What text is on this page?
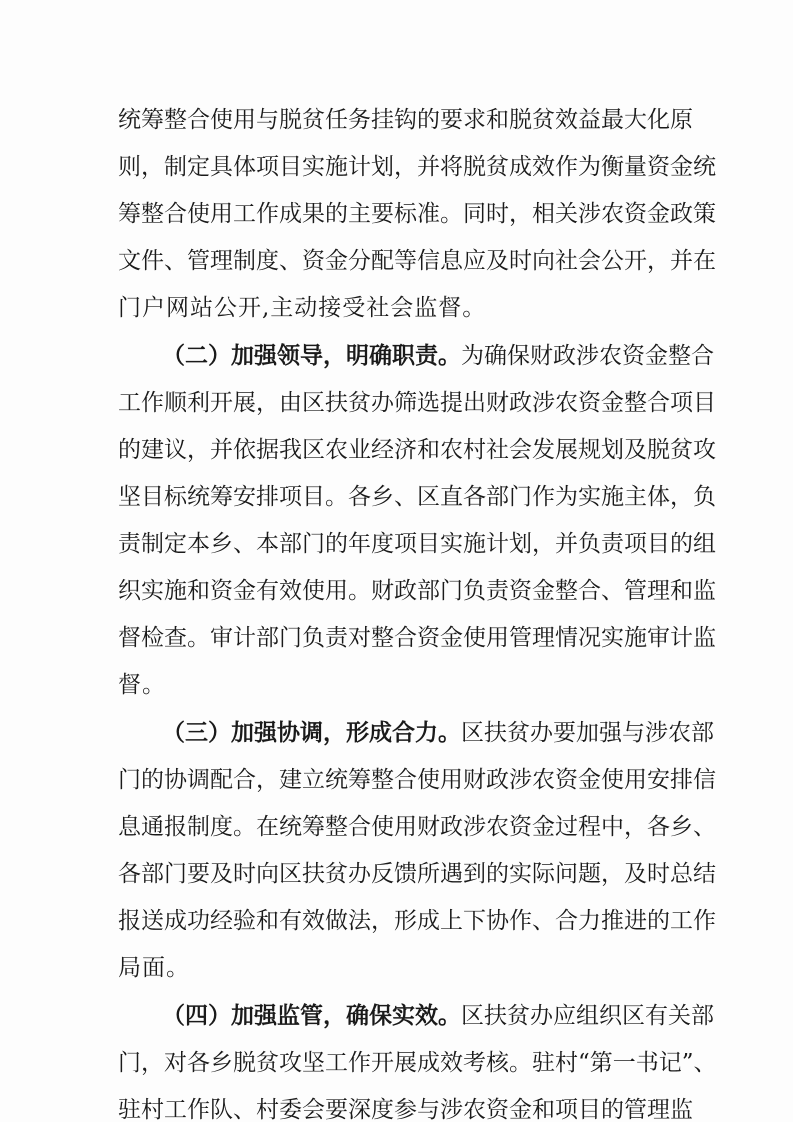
统筹整合使用与脱贫任务挂钩的要求和脱贫效益最大化原
则，制定具体项目实施计划，并将脱贫成效作为衡量资金统
筹整合使用工作成果的主要标准。同时，相关涉农资金政策
文件、管理制度、资金分配等信息应及时向社会公开，并在
门户网站公开,主动接受社会监督。
（二）加强领导，明确职责。为确保财政涉农资金整合
工作顺利开展，由区扶贫办筛选提出财政涉农资金整合项目
的建议，并依据我区农业经济和农村社会发展规划及脱贫攻
坚目标统筹安排项目。各乡、区直各部门作为实施主体，负
责制定本乡、本部门的年度项目实施计划，并负责项目的组
织实施和资金有效使用。财政部门负责资金整合、管理和监
督检查。审计部门负责对整合资金使用管理情况实施审计监
督。
（三）加强协调，形成合力。区扶贫办要加强与涉农部
门的协调配合，建立统筹整合使用财政涉农资金使用安排信
息通报制度。在统筹整合使用财政涉农资金过程中，各乡、
各部门要及时向区扶贫办反馈所遇到的实际问题，及时总结
报送成功经验和有效做法，形成上下协作、合力推进的工作
局面。
（四）加强监管，确保实效。区扶贫办应组织区有关部
门，对各乡脱贫攻坚工作开展成效考核。驻村“第一书记”、
驻村工作队、村委会要深度参与涉农资金和项目的管理监
